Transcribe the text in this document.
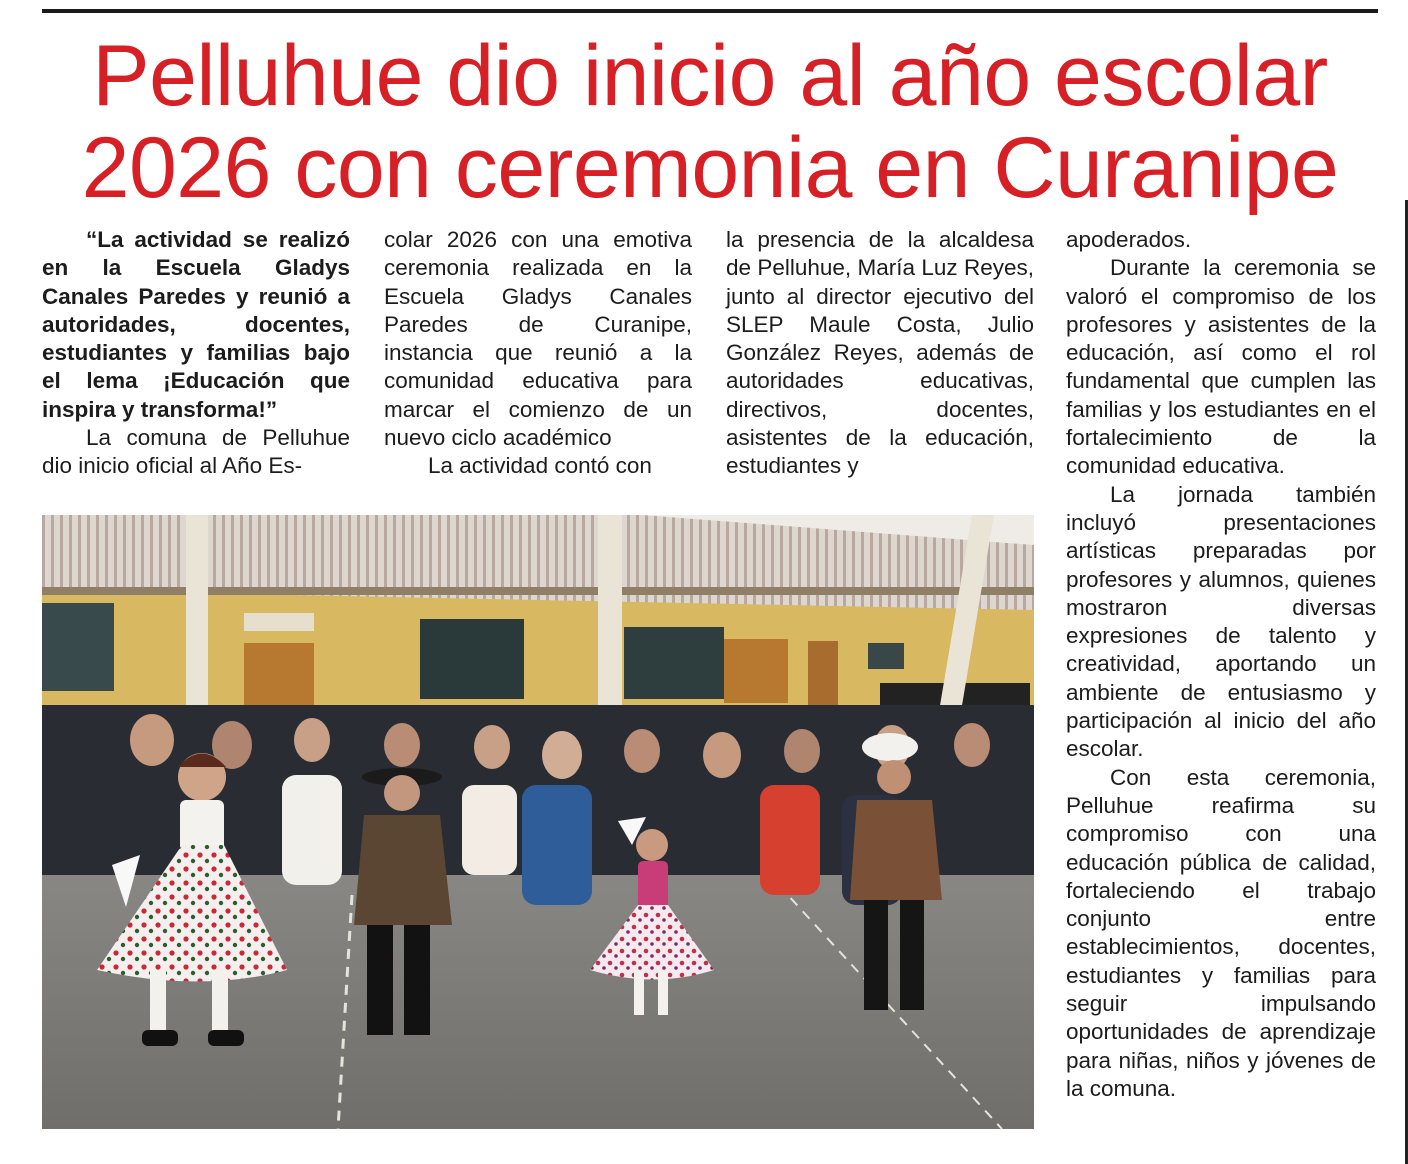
Pelluhue dio inicio al año escolar 2026 con ceremonia en Curanipe

“La actividad se realizó en la Escuela Gladys Canales Paredes y reunió a autoridades, docentes, estudiantes y familias bajo el lema ¡Educación que inspira y transforma!”

La comuna de Pelluhue dio inicio oficial al Año Es-

colar 2026 con una emotiva ceremonia realizada en la Escuela Gladys Canales Paredes de Curanipe, instancia que reunió a la comunidad educativa para marcar el comienzo de un nuevo ciclo académico

La actividad contó con

la presencia de la alcaldesa de Pelluhue, María Luz Reyes, junto al director ejecutivo del SLEP Maule Costa, Julio González Reyes, además de autoridades educativas, directivos, docentes, asistentes de la educación, estudiantes y

apoderados.

Durante la ceremonia se valoró el compromiso de los profesores y asistentes de la educación, así como el rol fundamental que cumplen las familias y los estudiantes en el fortalecimiento de la comunidad educativa.

La jornada también incluyó presentaciones artísticas preparadas por profesores y alumnos, quienes mostraron diversas expresiones de talento y creatividad, aportando un ambiente de entusiasmo y participación al inicio del año escolar.

Con esta ceremonia, Pelluhue reafirma su compromiso con una educación pública de calidad, fortaleciendo el trabajo conjunto entre establecimientos, docentes, estudiantes y familias para seguir impulsando oportunidades de aprendizaje para niñas, niños y jóvenes de la comuna.
